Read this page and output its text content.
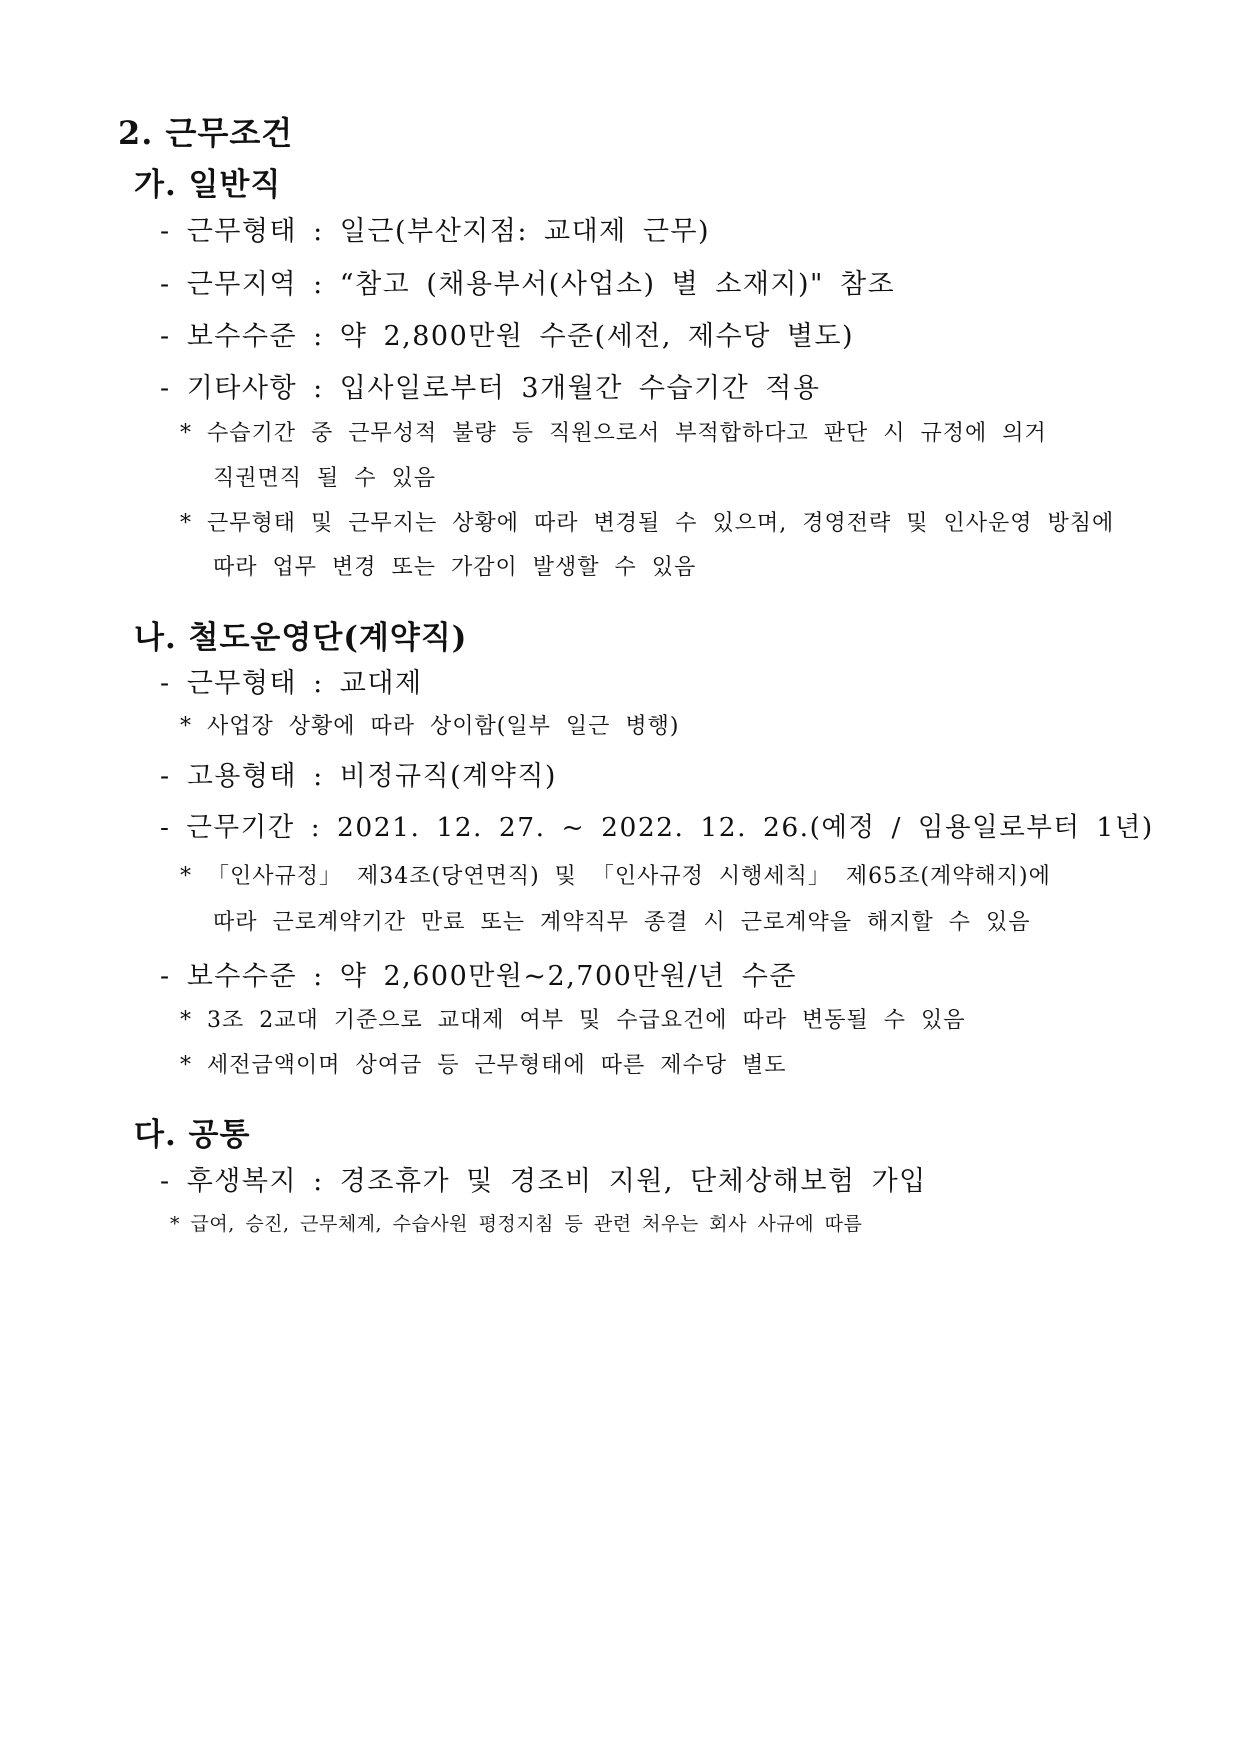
2. 근무조건
가. 일반직
- 근무형태 : 일근(부산지점: 교대제 근무)
- 근무지역 : “참고 (채용부서(사업소) 별 소재지)" 참조
- 보수수준 : 약 2,800만원 수준(세전, 제수당 별도)
- 기타사항 : 입사일로부터 3개월간 수습기간 적용
* 수습기간 중 근무성적 불량 등 직원으로서 부적합하다고 판단 시 규정에 의거
직권면직 될 수 있음
* 근무형태 및 근무지는 상황에 따라 변경될 수 있으며, 경영전략 및 인사운영 방침에
따라 업무 변경 또는 가감이 발생할 수 있음
나. 철도운영단(계약직)
- 근무형태 : 교대제
* 사업장 상황에 따라 상이함(일부 일근 병행)
- 고용형태 : 비정규직(계약직)
- 근무기간 : 2021. 12. 27. ~ 2022. 12. 26.(예정 / 임용일로부터 1년)
* 「인사규정」 제34조(당연면직) 및 「인사규정 시행세칙」 제65조(계약해지)에
따라 근로계약기간 만료 또는 계약직무 종결 시 근로계약을 해지할 수 있음
- 보수수준 : 약 2,600만원~2,700만원/년 수준
* 3조 2교대 기준으로 교대제 여부 및 수급요건에 따라 변동될 수 있음
* 세전금액이며 상여금 등 근무형태에 따른 제수당 별도
다. 공통
- 후생복지 : 경조휴가 및 경조비 지원, 단체상해보험 가입
* 급여, 승진, 근무체계, 수습사원 평정지침 등 관련 처우는 회사 사규에 따름
